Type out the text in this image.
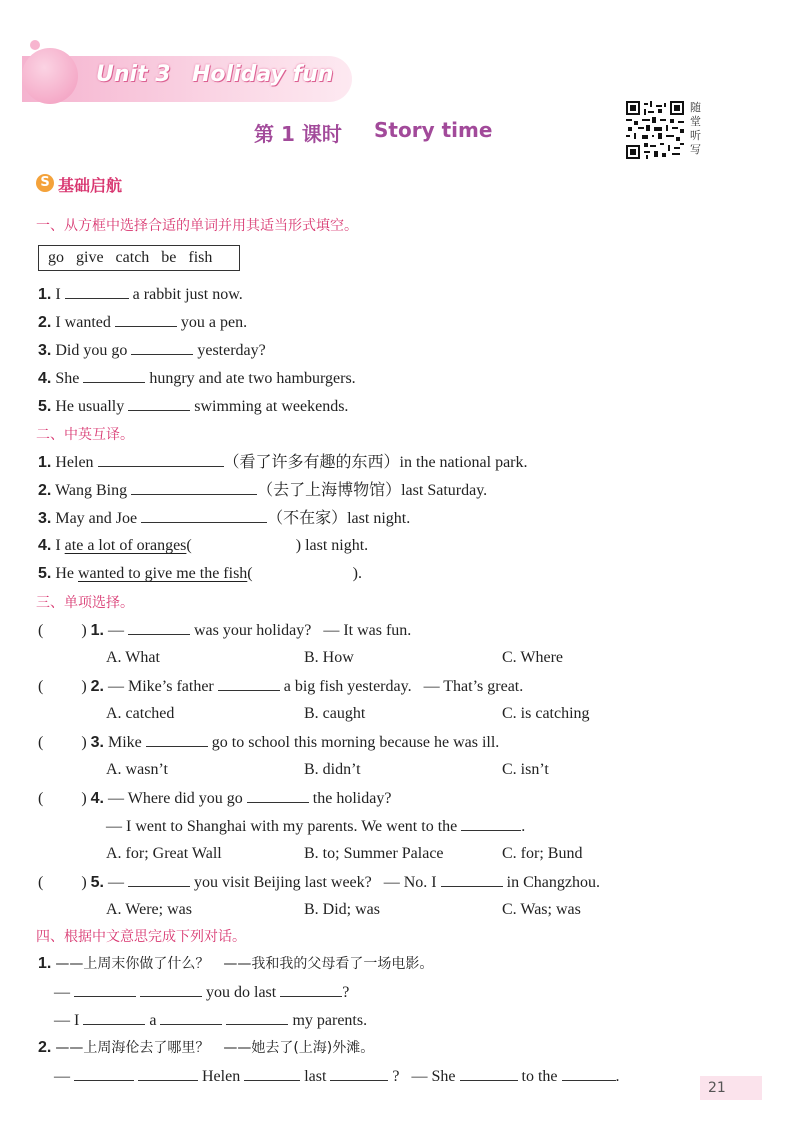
Unit 3 Holiday fun
第 1 课时 Story time
随
堂
听
写
S 基础启航
一、从方框中选择合适的单词并用其适当形式填空。
go   give   catch   be   fish
1. I	a rabbit just now.
2. I wanted	you a pen.
3. Did you go	yesterday?
4. She	hungry and ate two hamburgers.
5. He usually	swimming at weekends.
二、中英互译。
1. Helen	（看了许多有趣的东西）in the national park.
2. Wang Bing	（去了上海博物馆）last Saturday.
3. May and Joe	（不在家）last night.
4. I ate a lot of oranges(	) last night.
5. He wanted to give me the fish(	).
三、单项选择。
( ) 1. —	was your holiday? — It was fun.
A. What	B. How	C. Where
( ) 2. — Mike’s father	a big fish yesterday. — That’s great.
A. catched	B. caught	C. is catching
( ) 3. Mike	go to school this morning because he was ill.
A. wasn’t	B. didn’t	C. isn’t
( ) 4. — Where did you go	the holiday?
— I went to Shanghai with my parents. We went to the	.
A. for; Great Wall	B. to; Summer Palace	C. for; Bund
( ) 5. —	you visit Beijing last week? — No. I	in Changzhou.
A. Were; was	B. Did; was	C. Was; was
四、根据中文意思完成下列对话。
1. ——上周末你做了什么？　——我和我的父母看了一场电影。
—	you do last	?
— I	a	my parents.
2. ——上周海伦去了哪里？　——她去了(上海)外滩。
—	Helen	last	? — She	to the	.
21
